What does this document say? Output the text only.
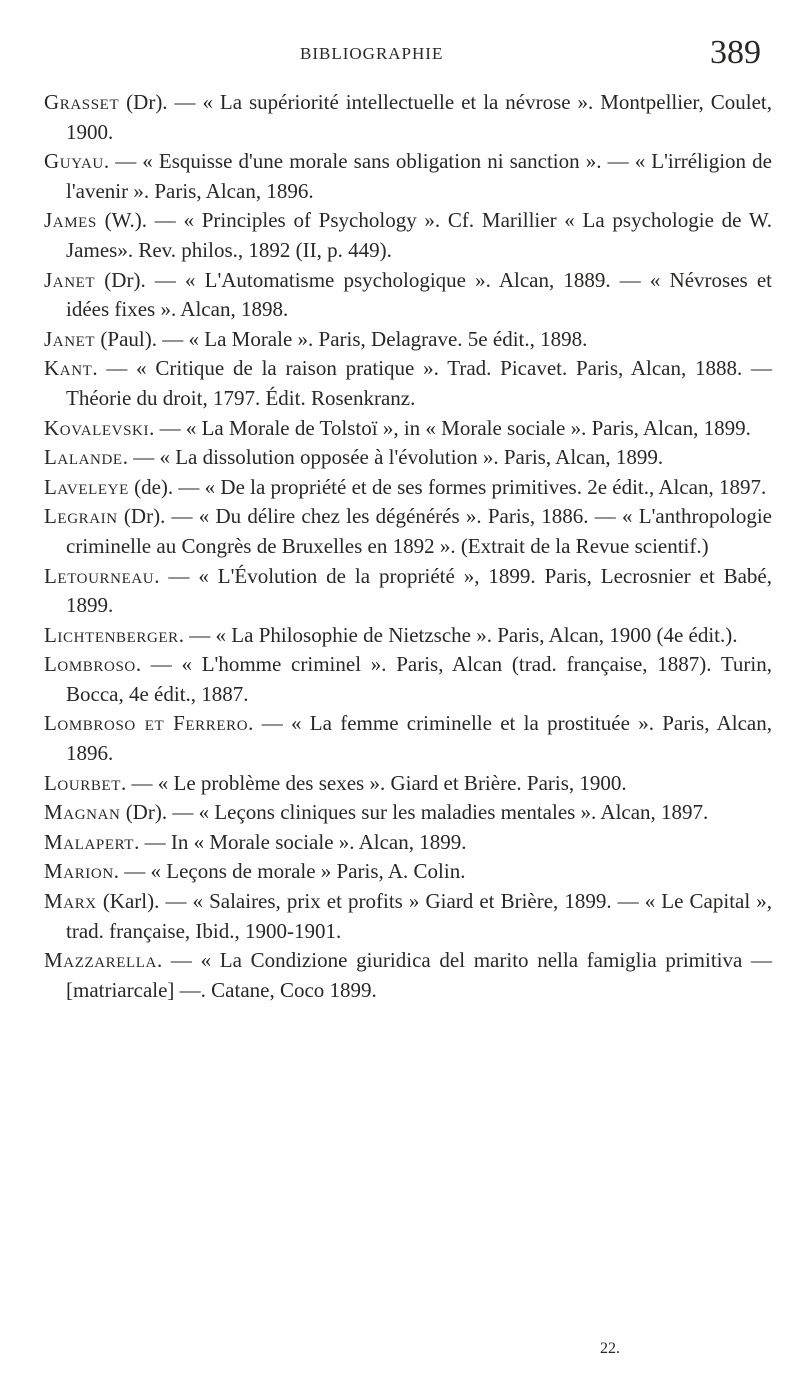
BIBLIOGRAPHIE	389
Grasset (Dr). — « La supériorité intellectuelle et la névrose ». Montpellier, Coulet, 1900.
Guyau. — « Esquisse d'une morale sans obligation ni sanction ». — « L'irréligion de l'avenir ». Paris, Alcan, 1896.
James (W.). — « Principles of Psychology ». Cf. Marillier « La psychologie de W. James». Rev. philos., 1892 (II, p. 449).
Janet (Dr). — « L'Automatisme psychologique ». Alcan, 1889. — « Névroses et idées fixes ». Alcan, 1898.
Janet (Paul). — « La Morale ». Paris, Delagrave. 5e édit., 1898.
Kant. — « Critique de la raison pratique ». Trad. Picavet. Paris, Alcan, 1888. — Théorie du droit, 1797. Édit. Rosenkranz.
Kovalevski. — « La Morale de Tolstoï », in « Morale sociale ». Paris, Alcan, 1899.
Lalande. — « La dissolution opposée à l'évolution ». Paris, Alcan, 1899.
Laveleye (de). — « De la propriété et de ses formes primitives. 2e édit., Alcan, 1897.
Legrain (Dr). — « Du délire chez les dégénérés ». Paris, 1886. — « L'anthropologie criminelle au Congrès de Bruxelles en 1892 ». (Extrait de la Revue scientif.)
Letourneau. — « L'Évolution de la propriété », 1899. Paris, Lecrosnier et Babé, 1899.
Lichtenberger. — « La Philosophie de Nietzsche ». Paris, Alcan, 1900 (4e édit.).
Lombroso. — « L'homme criminel ». Paris, Alcan (trad. française, 1887). Turin, Bocca, 4e édit., 1887.
Lombroso et Ferrero. — « La femme criminelle et la prostituée ». Paris, Alcan, 1896.
Lourbet. — « Le problème des sexes ». Giard et Brière. Paris, 1900.
Magnan (Dr). — « Leçons cliniques sur les maladies mentales ». Alcan, 1897.
Malapert. — In « Morale sociale ». Alcan, 1899.
Marion. — « Leçons de morale » Paris, A. Colin.
Marx (Karl). — « Salaires, prix et profits » Giard et Brière, 1899. — « Le Capital », trad. française, Ibid., 1900-1901.
Mazzarella. — « La Condizione giuridica del marito nella famiglia primitiva — [matriarcale] —. Catane, Coco 1899.
22.
